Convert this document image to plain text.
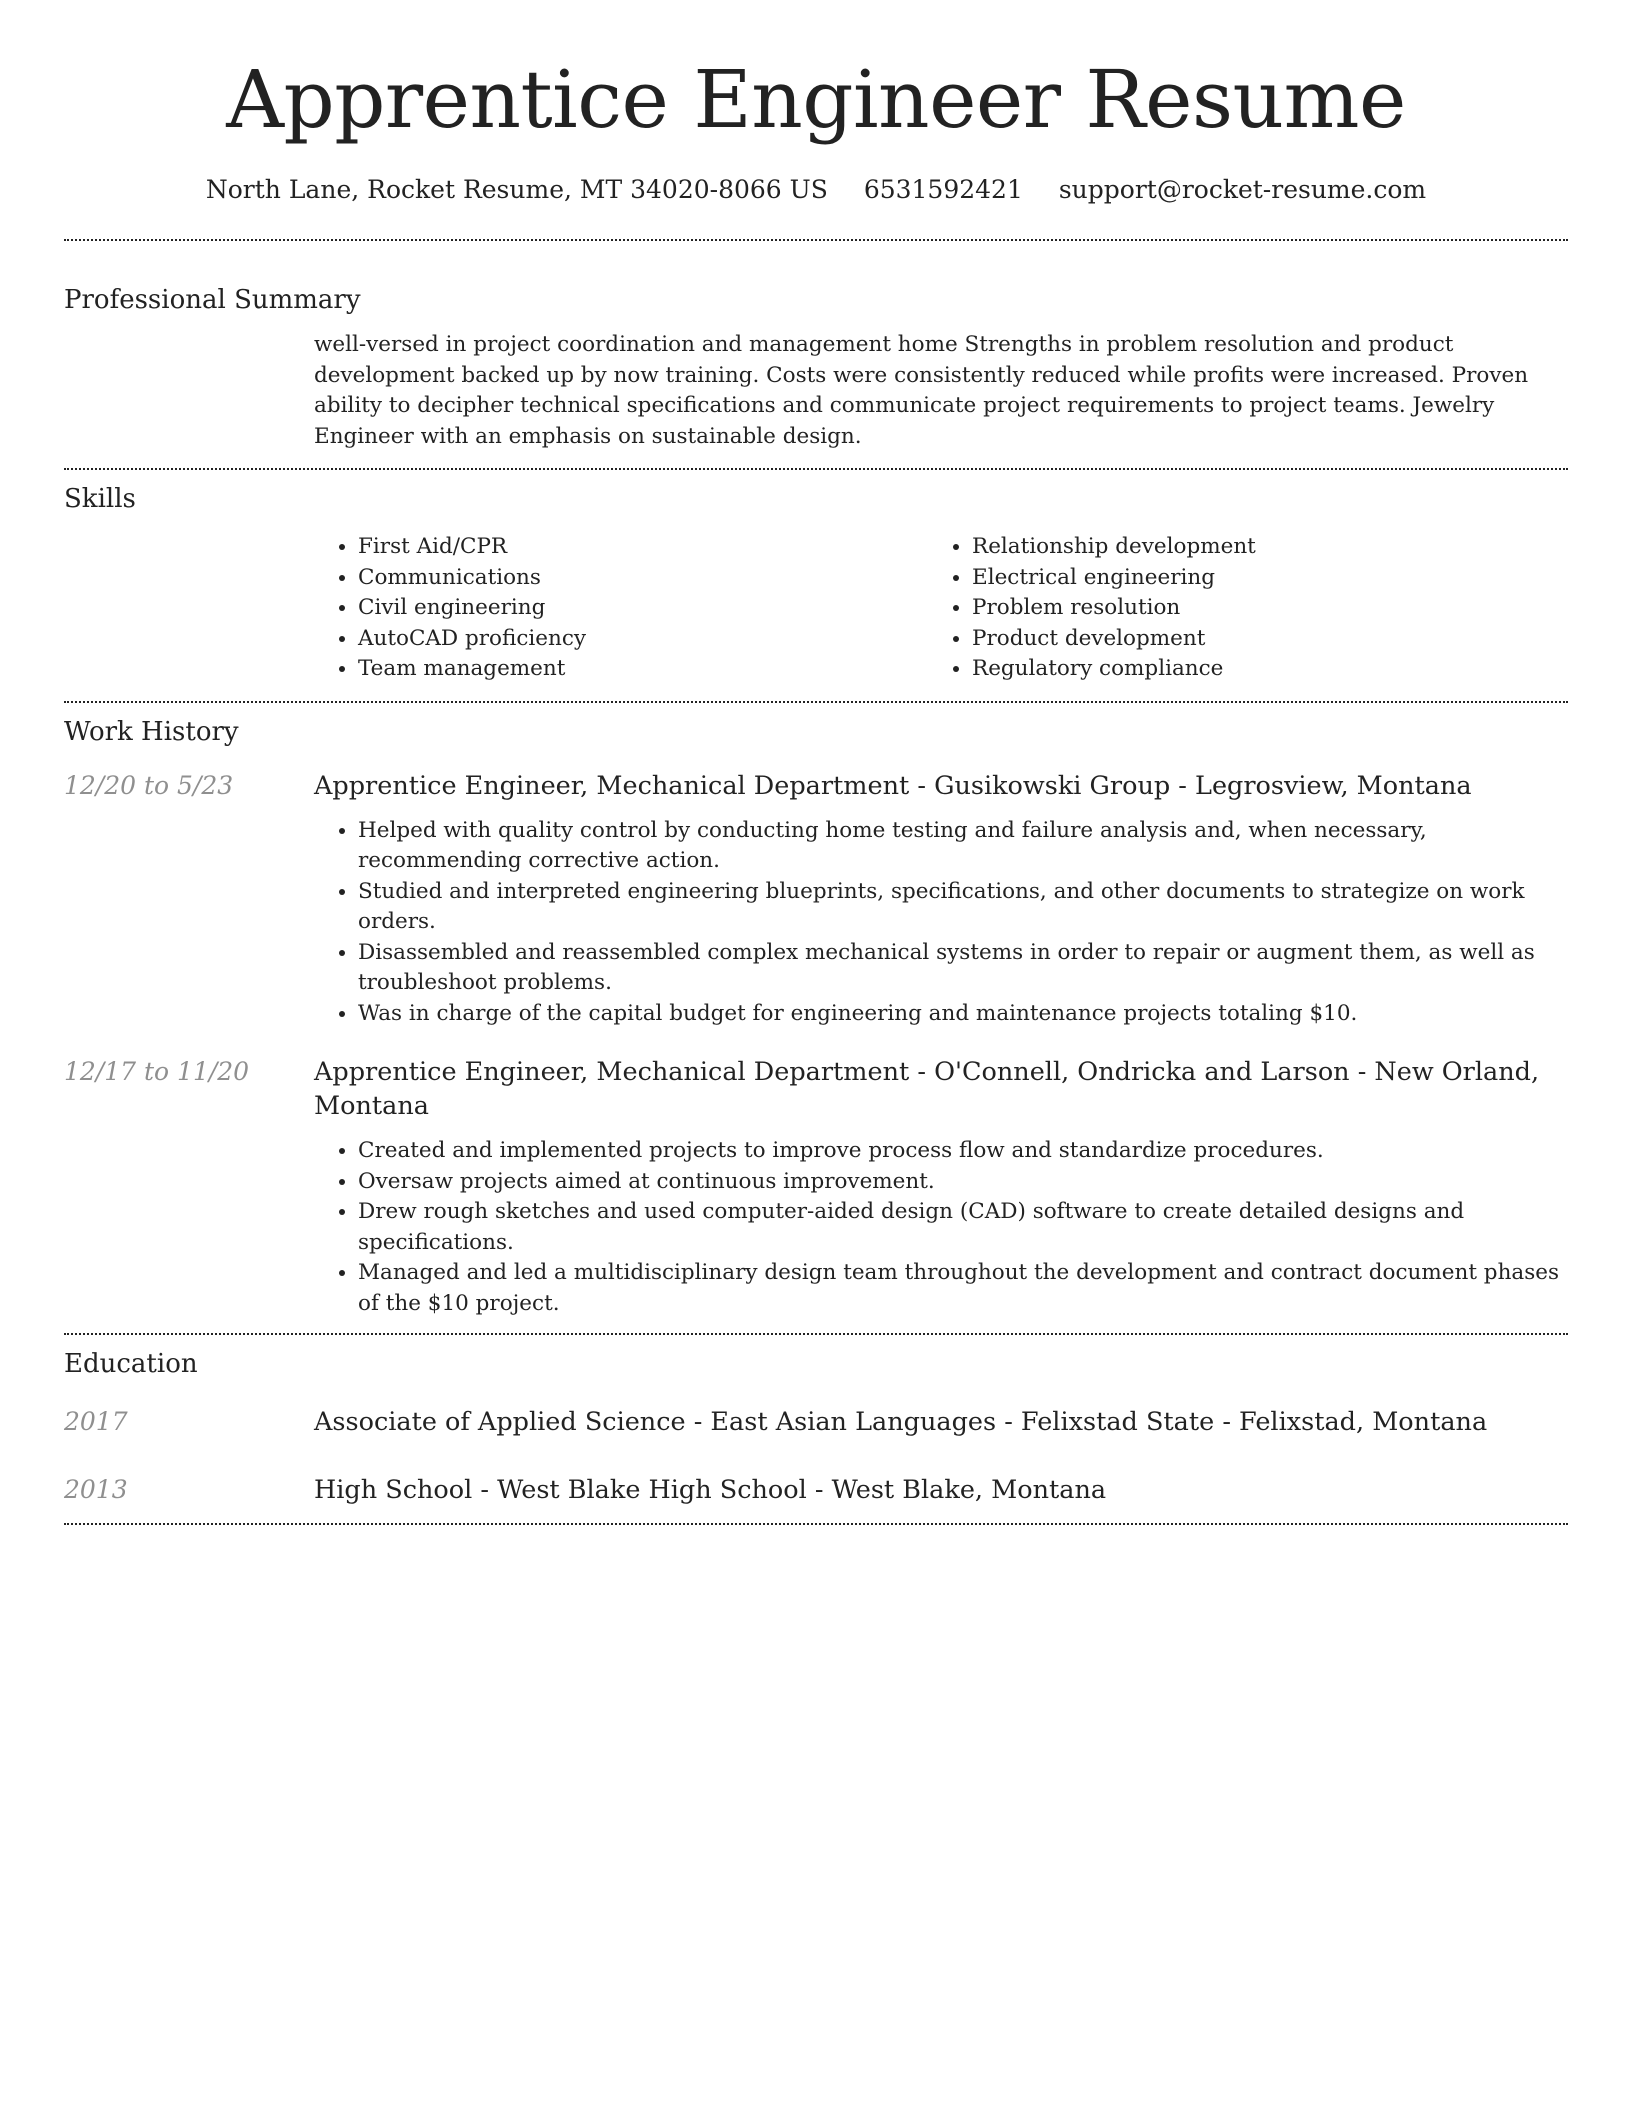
Apprentice Engineer Resume
North Lane, Rocket Resume, MT 34020-8066 US 6531592421 support@rocket-resume.com
Professional Summary
well-versed in project coordination and management home Strengths in problem resolution and product development backed up by now training. Costs were consistently reduced while profits were increased. Proven ability to decipher technical specifications and communicate project requirements to project teams. Jewelry Engineer with an emphasis on sustainable design.
Skills
• First Aid/CPR
• Communications
• Civil engineering
• AutoCAD proficiency
• Team management
• Relationship development
• Electrical engineering
• Problem resolution
• Product development
• Regulatory compliance
Work History
12/20 to 5/23	Apprentice Engineer, Mechanical Department - Gusikowski Group - Legrosview, Montana
• Helped with quality control by conducting home testing and failure analysis and, when necessary, recommending corrective action.
• Studied and interpreted engineering blueprints, specifications, and other documents to strategize on work orders.
• Disassembled and reassembled complex mechanical systems in order to repair or augment them, as well as troubleshoot problems.
• Was in charge of the capital budget for engineering and maintenance projects totaling $10.
12/17 to 11/20	Apprentice Engineer, Mechanical Department - O'Connell, Ondricka and Larson - New Orland, Montana
• Created and implemented projects to improve process flow and standardize procedures.
• Oversaw projects aimed at continuous improvement.
• Drew rough sketches and used computer-aided design (CAD) software to create detailed designs and specifications.
• Managed and led a multidisciplinary design team throughout the development and contract document phases of the $10 project.
Education
2017	Associate of Applied Science - East Asian Languages - Felixstad State - Felixstad, Montana
2013	High School - West Blake High School - West Blake, Montana
